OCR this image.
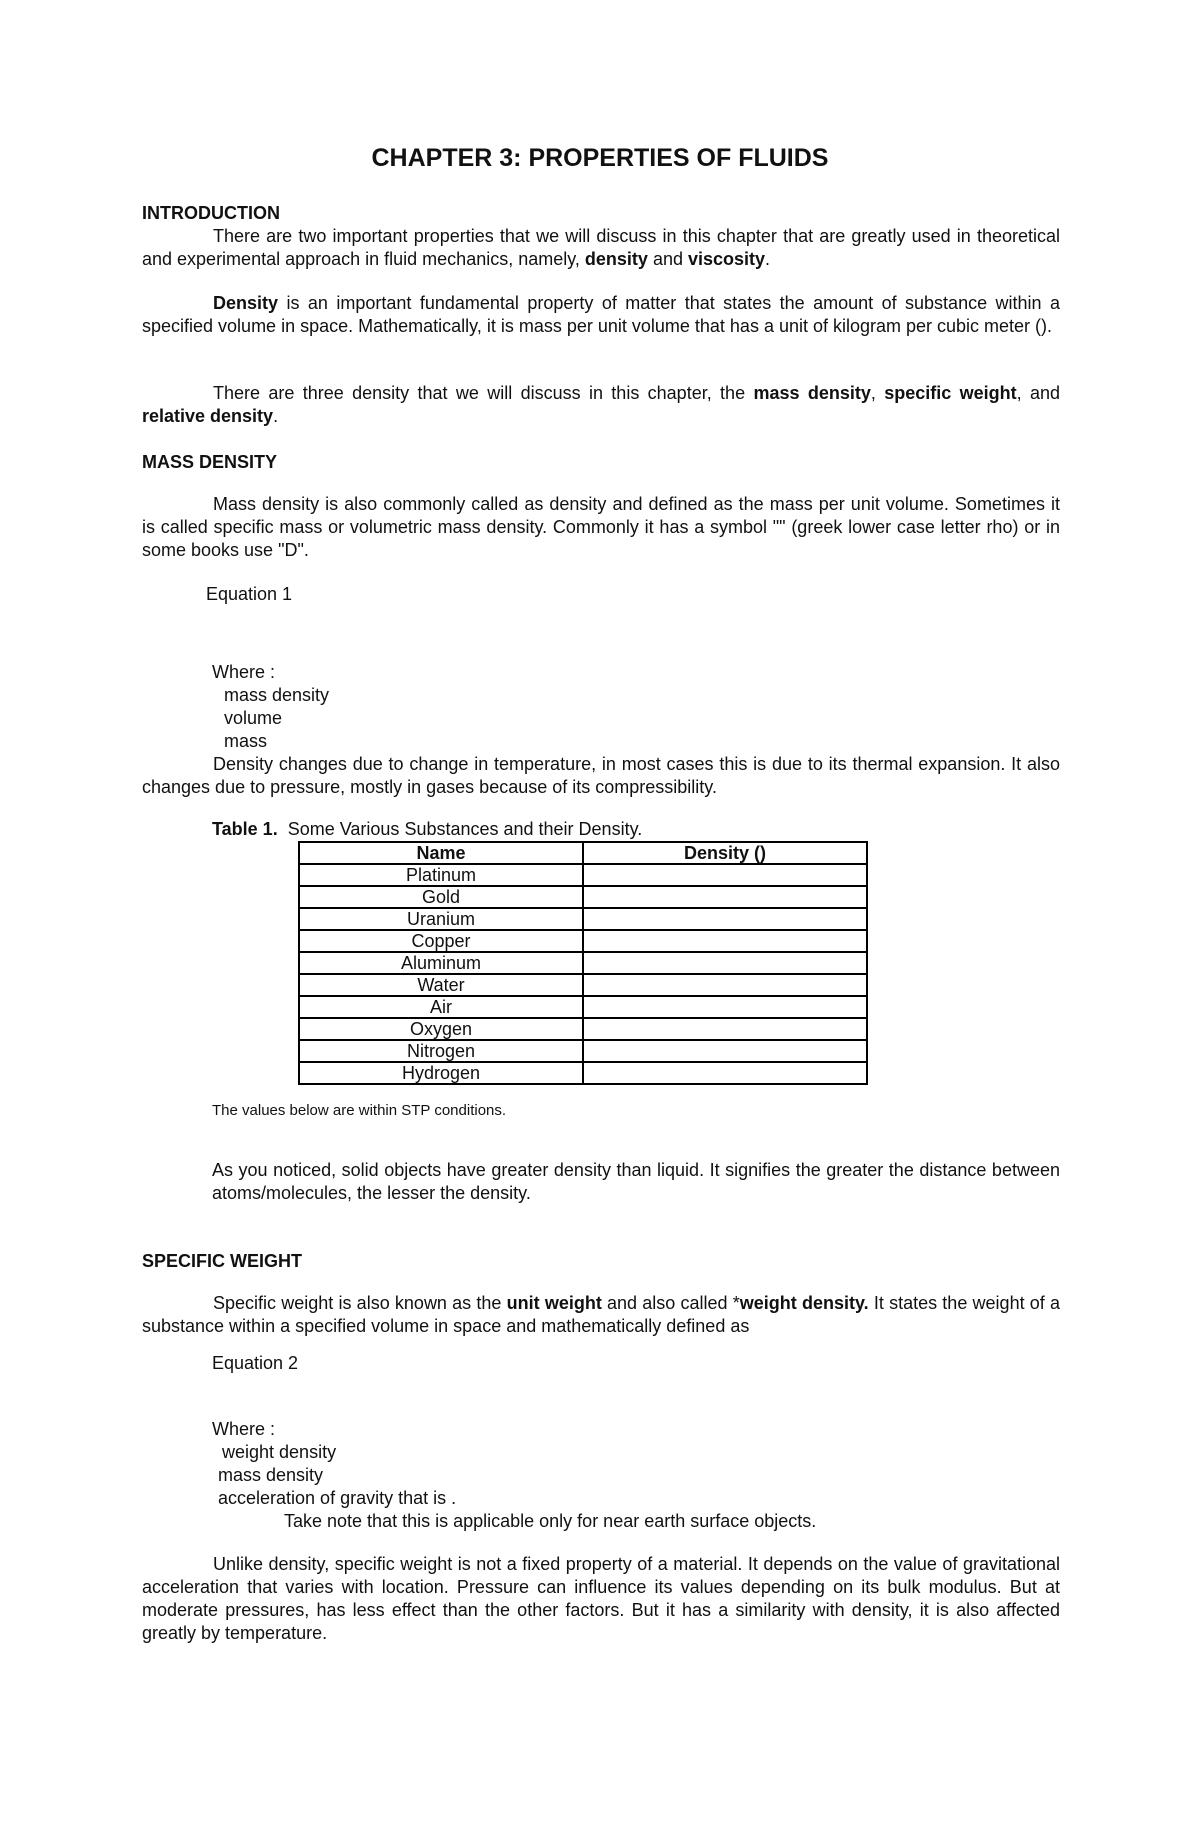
CHAPTER 3: PROPERTIES OF FLUIDS
INTRODUCTION
There are two important properties that we will discuss in this chapter that are greatly used in theoretical and experimental approach in fluid mechanics, namely, density and viscosity.
Density is an important fundamental property of matter that states the amount of substance within a specified volume in space. Mathematically, it is mass per unit volume that has a unit of kilogram per cubic meter ().
There are three density that we will discuss in this chapter, the mass density, specific weight, and relative density.
MASS DENSITY
Mass density is also commonly called as density and defined as the mass per unit volume. Sometimes it is called specific mass or volumetric mass density. Commonly it has a symbol "" (greek lower case letter rho) or in some books use "D".
Equation 1
Where :
mass density
volume
mass
Density changes due to change in temperature, in most cases this is due to its thermal expansion. It also changes due to pressure, mostly in gases because of its compressibility.
Table 1. Some Various Substances and their Density.
Name	Density ()
Platinum	
Gold	
Uranium	
Copper	
Aluminum	
Water	
Air	
Oxygen	
Nitrogen	
Hydrogen	
The values below are within STP conditions.
As you noticed, solid objects have greater density than liquid. It signifies the greater the distance between atoms/molecules, the lesser the density.
SPECIFIC WEIGHT
Specific weight is also known as the unit weight and also called *weight density. It states the weight of a substance within a specified volume in space and mathematically defined as
Equation 2
Where :
weight density
mass density
acceleration of gravity that is .
Take note that this is applicable only for near earth surface objects.
Unlike density, specific weight is not a fixed property of a material. It depends on the value of gravitational acceleration that varies with location. Pressure can influence its values depending on its bulk modulus. But at moderate pressures, has less effect than the other factors. But it has a similarity with density, it is also affected greatly by temperature.
